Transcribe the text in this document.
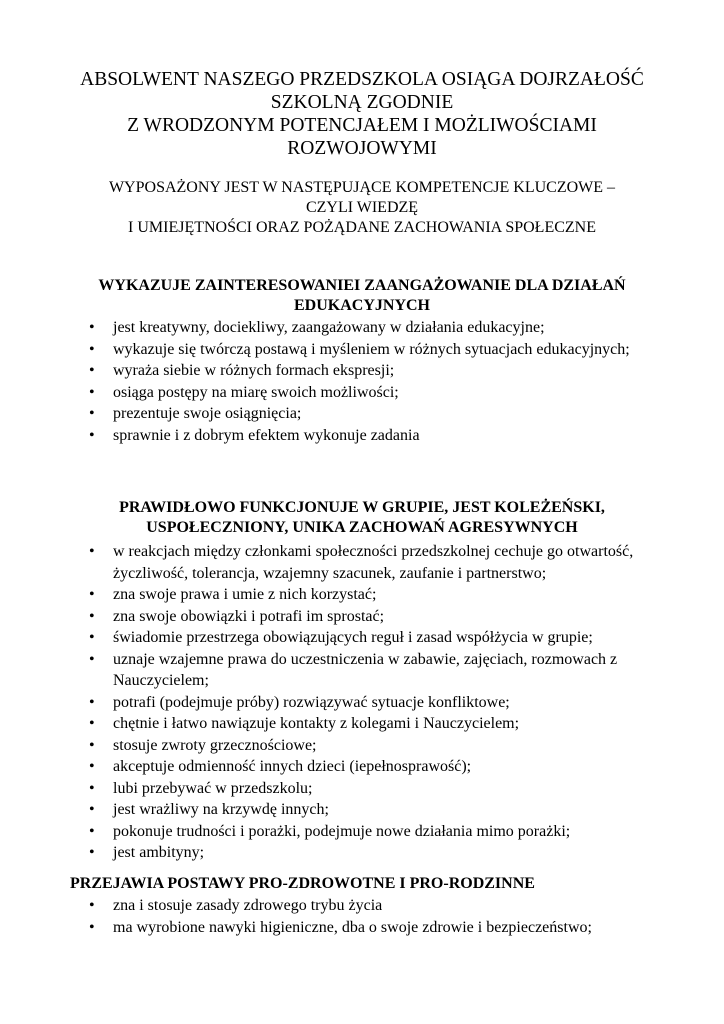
ABSOLWENT NASZEGO PRZEDSZKOLA OSIĄGA DOJRZAŁOŚĆ
SZKOLNĄ ZGODNIE
Z WRODZONYM POTENCJAŁEM I MOŻLIWOŚCIAMI
ROZWOJOWYMI
WYPOSAŻONY JEST W NASTĘPUJĄCE KOMPETENCJE KLUCZOWE –
CZYLI WIEDZĘ
I UMIEJĘTNOŚCI ORAZ POŻĄDANE ZACHOWANIA SPOŁECZNE
WYKAZUJE ZAINTERESOWANIEI ZAANGAŻOWANIE DLA DZIAŁAŃ
EDUKACYJNYCH
• jest kreatywny, dociekliwy, zaangażowany w działania edukacyjne;
• wykazuje się twórczą postawą i myśleniem w różnych sytuacjach edukacyjnych;
• wyraża siebie w różnych formach ekspresji;
• osiąga postępy na miarę swoich możliwości;
• prezentuje swoje osiągnięcia;
• sprawnie i z dobrym efektem wykonuje zadania
PRAWIDŁOWO FUNKCJONUJE W GRUPIE, JEST KOLEŻEŃSKI,
USPOŁECZNIONY, UNIKA ZACHOWAŃ AGRESYWNYCH
• w reakcjach między członkami społeczności przedszkolnej cechuje go otwartość, życzliwość, tolerancja, wzajemny szacunek, zaufanie i partnerstwo;
• zna swoje prawa i umie z nich korzystać;
• zna swoje obowiązki i potrafi im sprostać;
• świadomie przestrzega obowiązujących reguł i zasad współżycia w grupie;
• uznaje wzajemne prawa do uczestniczenia w zabawie, zajęciach, rozmowach z Nauczycielem;
• potrafi (podejmuje próby) rozwiązywać sytuacje konfliktowe;
• chętnie i łatwo nawiązuje kontakty z kolegami i Nauczycielem;
• stosuje zwroty grzecznościowe;
• akceptuje odmienność innych dzieci (iepełnosprawość);
• lubi przebywać w przedszkolu;
• jest wrażliwy na krzywdę innych;
• pokonuje trudności i porażki, podejmuje nowe działania mimo porażki;
• jest ambityny;
PRZEJAWIA POSTAWY PRO-ZDROWOTNE I PRO-RODZINNE
• zna i stosuje zasady zdrowego trybu życia
• ma wyrobione nawyki higieniczne, dba o swoje zdrowie i bezpieczeństwo;
